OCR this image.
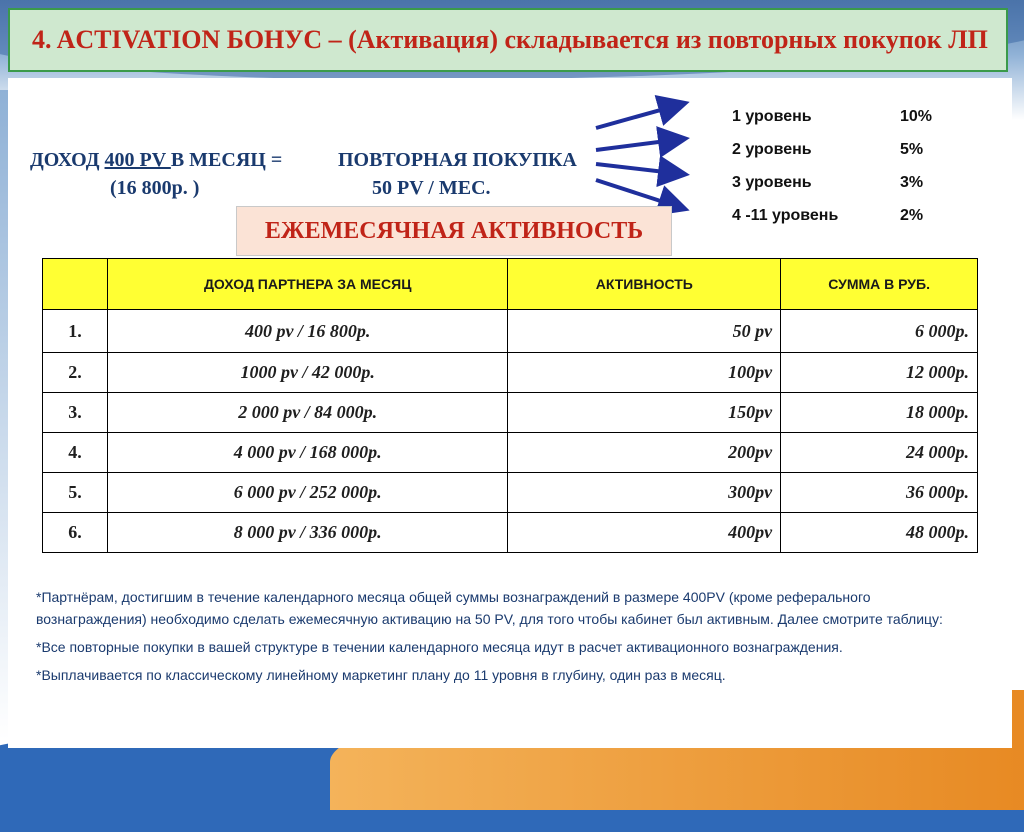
4. ACTIVATION БОНУС – (Активация) складывается из повторных покупок ЛП
ДОХОД 400 PV В МЕСЯЦ =
(16 800р. )
ПОВТОРНАЯ ПОКУПКА
50 PV / МЕС.
1 уровень	10%
2 уровень	5%
3 уровень	3%
4 -11 уровень	2%
ЕЖЕМЕСЯЧНАЯ АКТИВНОСТЬ
	ДОХОД ПАРТНЕРА ЗА МЕСЯЦ	АКТИВНОСТЬ	СУММА В РУБ.
1.	400 pv / 16 800р.	50 pv	6 000р.
2.	1000 pv / 42 000р.	100pv	12 000р.
3.	2 000 pv / 84 000р.	150pv	18 000р.
4.	4 000 pv / 168 000р.	200pv	24 000р.
5.	6 000 pv / 252 000р.	300pv	36 000р.
6.	8 000 pv / 336 000р.	400pv	48 000р.

*Партнёрам, достигшим в течение календарного месяца общей суммы вознаграждений в размере 400PV (кроме реферального вознаграждения) необходимо сделать ежемесячную активацию на 50 PV, для того чтобы кабинет был активным. Далее смотрите таблицу:

*Все повторные покупки в вашей структуре в течении календарного месяца идут в расчет активационного вознаграждения.

*Выплачивается по классическому линейному маркетинг плану до 11 уровня в глубину, один раз в месяц.
